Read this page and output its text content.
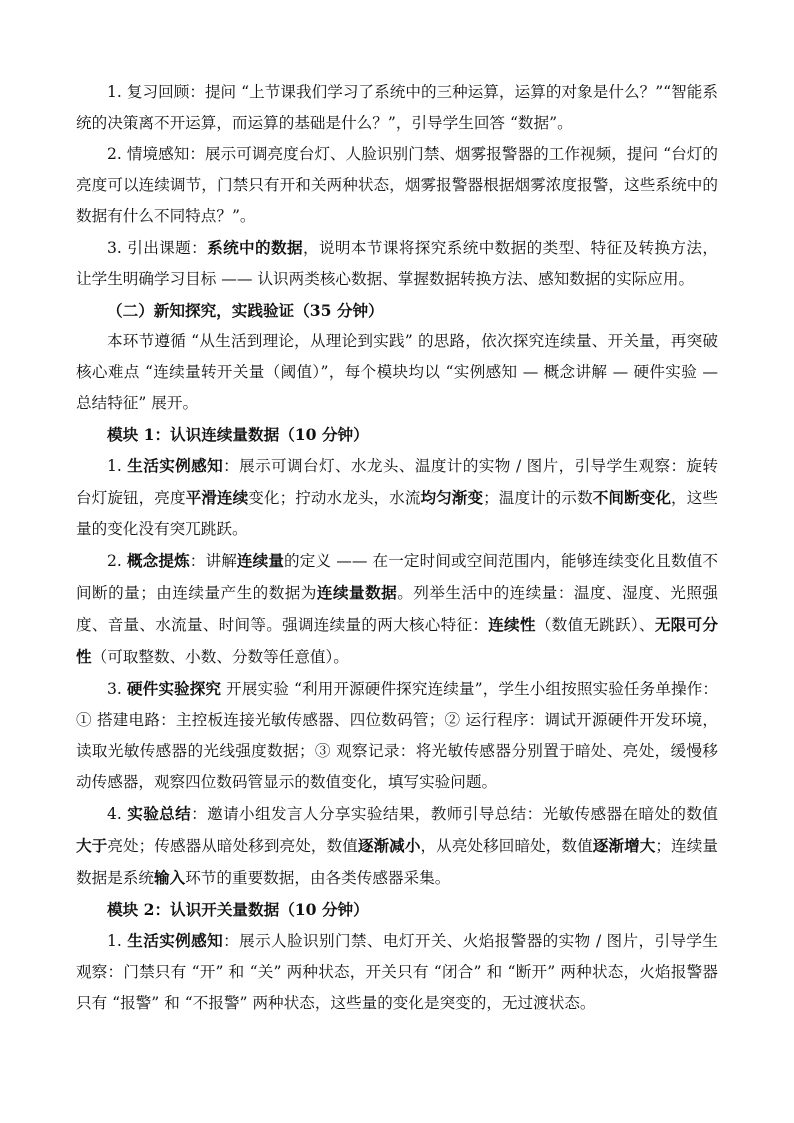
1. 复习回顾：提问 “上节课我们学习了系统中的三种运算，运算的对象是什么？”“智能系统的决策离不开运算，而运算的基础是什么？”，引导学生回答 “数据”。

2. 情境感知：展示可调亮度台灯、人脸识别门禁、烟雾报警器的工作视频，提问 “台灯的亮度可以连续调节，门禁只有开和关两种状态，烟雾报警器根据烟雾浓度报警，这些系统中的数据有什么不同特点？”。

3. 引出课题：系统中的数据，说明本节课将探究系统中数据的类型、特征及转换方法，让学生明确学习目标 —— 认识两类核心数据、掌握数据转换方法、感知数据的实际应用。

（二）新知探究，实践验证（35 分钟）

本环节遵循 “从生活到理论，从理论到实践” 的思路，依次探究连续量、开关量，再突破核心难点 “连续量转开关量（阈值）”，每个模块均以 “实例感知 — 概念讲解 — 硬件实验 — 总结特征” 展开。

模块 1：认识连续量数据（10 分钟）

1. 生活实例感知：展示可调台灯、水龙头、温度计的实物 / 图片，引导学生观察：旋转台灯旋钮，亮度平滑连续变化；拧动水龙头，水流均匀渐变；温度计的示数不间断变化，这些量的变化没有突兀跳跃。

2. 概念提炼：讲解连续量的定义 —— 在一定时间或空间范围内，能够连续变化且数值不间断的量；由连续量产生的数据为连续量数据。列举生活中的连续量：温度、湿度、光照强度、音量、水流量、时间等。强调连续量的两大核心特征：连续性（数值无跳跃）、无限可分性（可取整数、小数、分数等任意值）。

3. 硬件实验探究 开展实验 “利用开源硬件探究连续量”，学生小组按照实验任务单操作：① 搭建电路：主控板连接光敏传感器、四位数码管；② 运行程序：调试开源硬件开发环境，读取光敏传感器的光线强度数据；③ 观察记录：将光敏传感器分别置于暗处、亮处，缓慢移动传感器，观察四位数码管显示的数值变化，填写实验问题。

4. 实验总结：邀请小组发言人分享实验结果，教师引导总结：光敏传感器在暗处的数值大于亮处；传感器从暗处移到亮处，数值逐渐减小，从亮处移回暗处，数值逐渐增大；连续量数据是系统输入环节的重要数据，由各类传感器采集。

模块 2：认识开关量数据（10 分钟）

1. 生活实例感知：展示人脸识别门禁、电灯开关、火焰报警器的实物 / 图片，引导学生观察：门禁只有 “开” 和 “关” 两种状态，开关只有 “闭合” 和 “断开” 两种状态，火焰报警器只有 “报警” 和 “不报警” 两种状态，这些量的变化是突变的，无过渡状态。
